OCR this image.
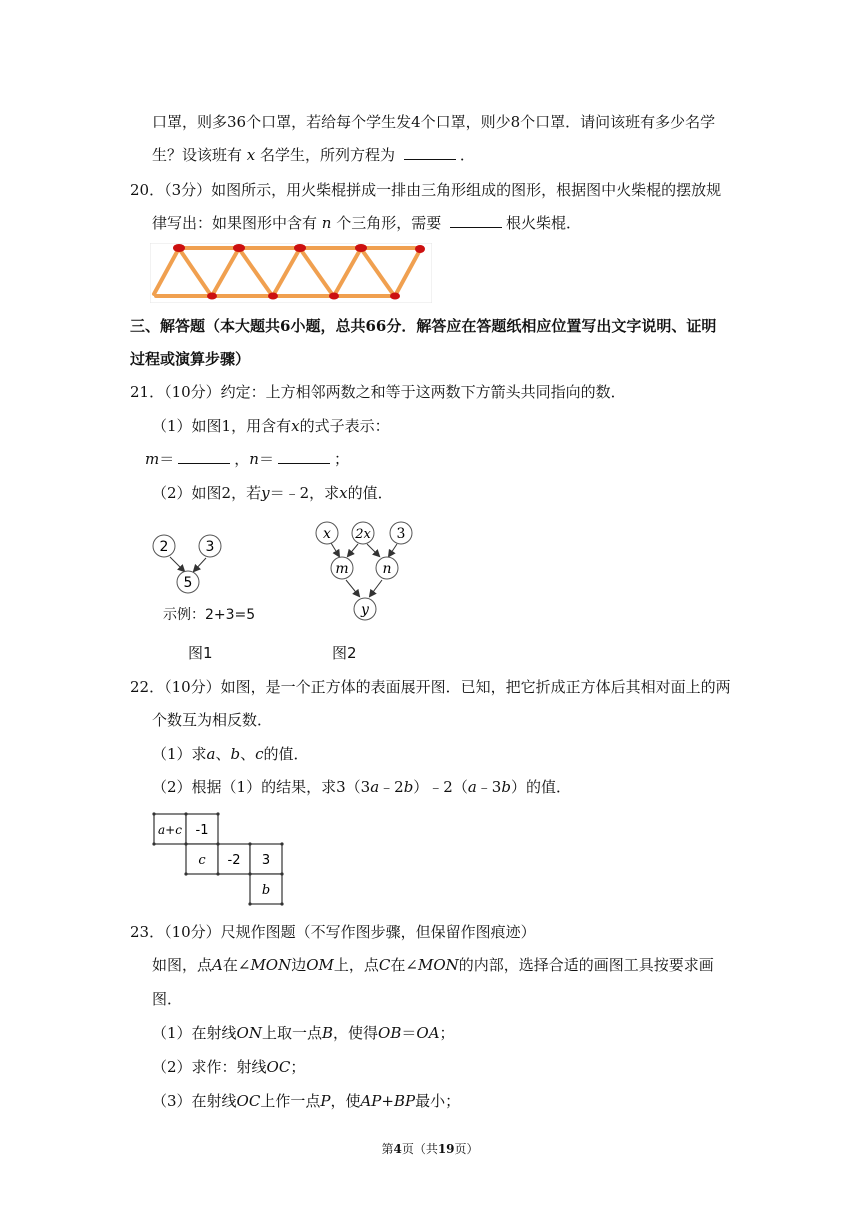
口罩，则多36个口罩，若给每个学生发4个口罩，则少8个口罩．请问该班有多少名学
生？设该班有 x 名学生，所列方程为	．
20．（3分）如图所示，用火柴棍拼成一排由三角形组成的图形，根据图中火柴棍的摆放规
律写出：如果图形中含有 n 个三角形，需要	根火柴棍．
三、解答题（本大题共6小题，总共66分．解答应在答题纸相应位置写出文字说明、证明
过程或演算步骤）
21．（10分）约定：上方相邻两数之和等于这两数下方箭头共同指向的数．
（1）如图1，用含有x的式子表示：
m＝	，n＝	；
（2）如图2，若y＝﹣2，求x的值．
2	3
5
示例：2+3=5
图1
x 2x 3
m n
y
图2
22．（10分）如图，是一个正方体的表面展开图．已知，把它折成正方体后其相对面上的两
个数互为相反数．
（1）求a、b、c的值．
（2）根据（1）的结果，求3（3a﹣2b）﹣2（a﹣3b）的值．
a+c -1
c -2 3
b
23．（10分）尺规作图题（不写作图步骤，但保留作图痕迹）
如图，点A在∠MON边OM上，点C在∠MON的内部，选择合适的画图工具按要求画
图．
（1）在射线ON上取一点B，使得OB＝OA；
（2）求作：射线OC；
（3）在射线OC上作一点P，使AP+BP最小；
第4页（共19页）
